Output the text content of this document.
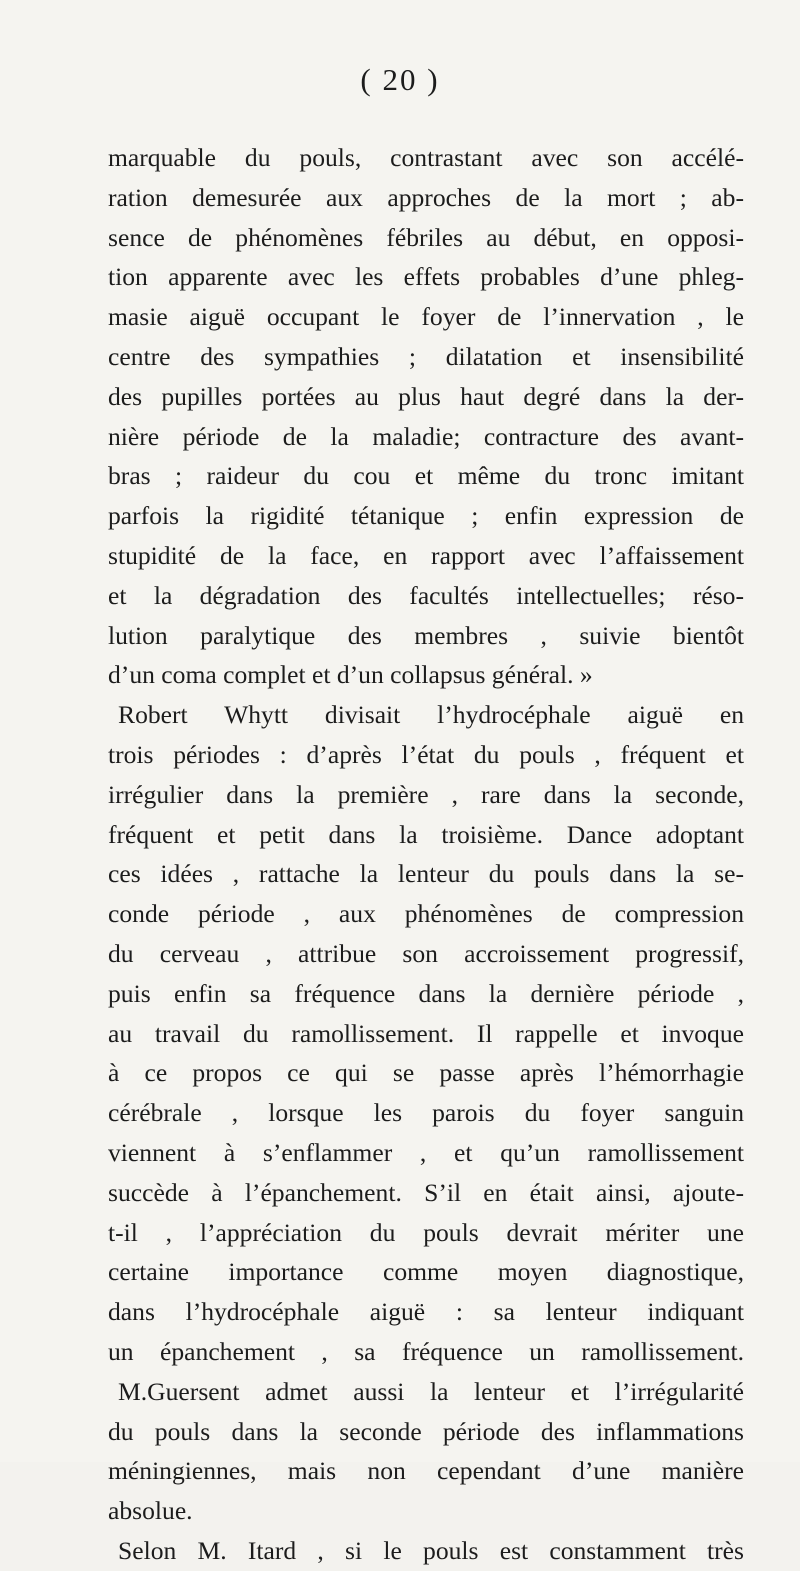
( 20 )
marquable du pouls, contrastant avec son accélé-
ration demesurée aux approches de la mort ; ab-
sence de phénomènes fébriles au début, en opposi-
tion apparente avec les effets probables d’une phleg-
masie aiguë occupant le foyer de l’innervation , le
centre des sympathies ; dilatation et insensibilité
des pupilles portées au plus haut degré dans la der-
nière période de la maladie; contracture des avant-
bras ; raideur du cou et même du tronc imitant
parfois la rigidité tétanique ; enfin expression de
stupidité de la face, en rapport avec l’affaissement
et la dégradation des facultés intellectuelles; réso-
lution paralytique des membres , suivie bientôt
d’un coma complet et d’un collapsus général. »
Robert Whytt divisait l’hydrocéphale aiguë en
trois périodes : d’après l’état du pouls , fréquent et
irrégulier dans la première , rare dans la seconde,
fréquent et petit dans la troisième. Dance adoptant
ces idées , rattache la lenteur du pouls dans la se-
conde période , aux phénomènes de compression
du cerveau , attribue son accroissement progressif,
puis enfin sa fréquence dans la dernière période ,
au travail du ramollissement. Il rappelle et invoque
à ce propos ce qui se passe après l’hémorrhagie
cérébrale , lorsque les parois du foyer sanguin
viennent à s’enflammer , et qu’un ramollissement
succède à l’épanchement. S’il en était ainsi, ajoute-
t-il , l’appréciation du pouls devrait mériter une
certaine importance comme moyen diagnostique,
dans l’hydrocéphale aiguë : sa lenteur indiquant
un épanchement , sa fréquence un ramollissement.
M.Guersent admet aussi la lenteur et l’irrégularité
du pouls dans la seconde période des inflammations
méningiennes, mais non cependant d’une manière
absolue.
Selon M. Itard , si le pouls est constamment très
